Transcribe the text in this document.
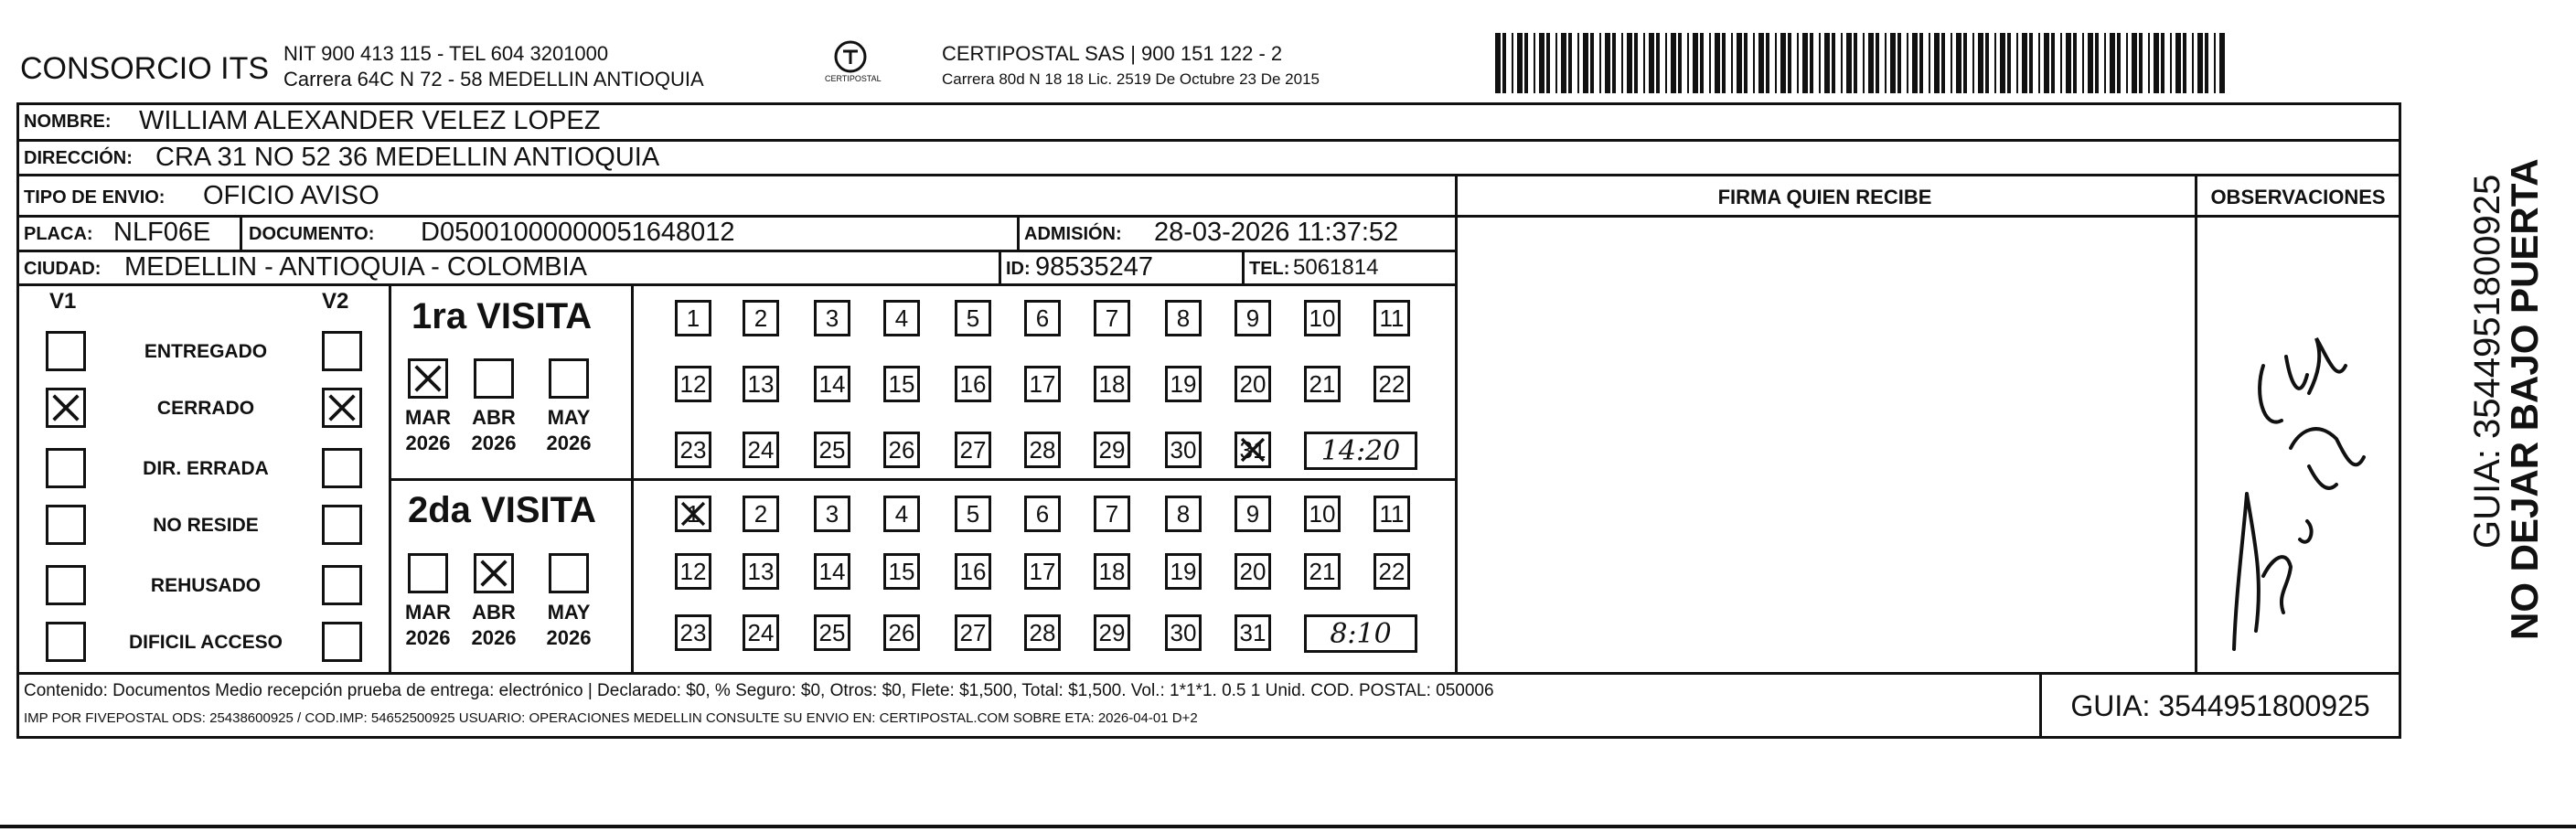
CONSORCIO ITS NIT 900 413 115 - TEL 604 3201000
Carrera 64C N 72 - 58 MEDELLIN ANTIOQUIA	CERTIPOSTAL
CERTIPOSTAL SAS | 900 151 122 - 2
Carrera 80d N 18 18 Lic. 2519 De Octubre 23 De 2015
NOMBRE: WILLIAM ALEXANDER VELEZ LOPEZ
DIRECCIÓN: CRA 31 NO 52 36 MEDELLIN ANTIOQUIA
TIPO DE ENVIO: OFICIO AVISO	FIRMA QUIEN RECIBE	OBSERVACIONES
PLACA: NLF06E DOCUMENTO: D05001000000051648012	ADMISIÓN: 28-03-2026 11:37:52
CIUDAD: MEDELLIN - ANTIOQUIA - COLOMBIA	ID: 98535247	TEL: 5061814
V1	V2
ENTREGADO
CERRADO
DIR. ERRADA
NO RESIDE
REHUSADO
DIFICIL ACCESO
1ra VISITA
2da VISITA
MAR
2026
ABR
2026
MAY
2026
MAR
2026
ABR
2026
MAY
2026
1 2 3 4 5 6 7 8 9 10 11
12 13 14 15 16 17 18 19 20 21 22
23 24 25 26 27 28 29 30 31 14:20
1 2 3 4 5 6 7 8 9 10 11
12 13 14 15 16 17 18 19 20 21 22
23 24 25 26 27 28 29 30 31 8:10
Contenido: Documentos Medio recepción prueba de entrega: electrónico | Declarado: $0, % Seguro: $0, Otros: $0, Flete: $1,500, Total: $1,500. Vol.: 1*1*1. 0.5 1 Unid. COD. POSTAL: 050006
IMP POR FIVEPOSTAL ODS: 25438600925 / COD.IMP: 54652500925 USUARIO: OPERACIONES MEDELLIN CONSULTE SU ENVIO EN: CERTIPOSTAL.COM SOBRE ETA: 2026-04-01 D+2	GUIA: 3544951800925
NO DEJAR BAJO PUERTA
GUIA: 3544951800925
